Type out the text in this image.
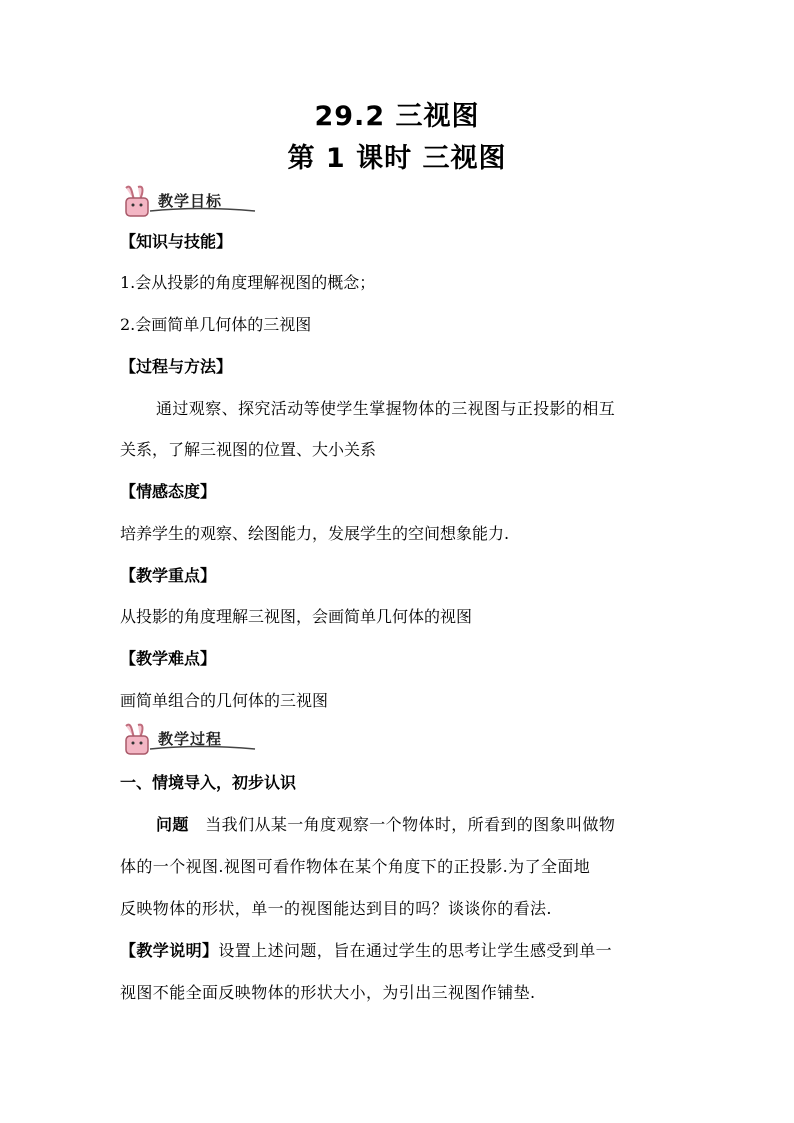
29.2 三视图
第 1 课时 三视图
教学目标
【知识与技能】
1.会从投影的角度理解视图的概念；
2.会画简单几何体的三视图
【过程与方法】
通过观察、探究活动等使学生掌握物体的三视图与正投影的相互
关系，了解三视图的位置、大小关系
【情感态度】
培养学生的观察、绘图能力，发展学生的空间想象能力.
【教学重点】
从投影的角度理解三视图，会画简单几何体的视图
【教学难点】
画简单组合的几何体的三视图
教学过程
一、情境导入，初步认识
问题 当我们从某一角度观察一个物体时，所看到的图象叫做物
体的一个视图.视图可看作物体在某个角度下的正投影.为了全面地
反映物体的形状，单一的视图能达到目的吗？谈谈你的看法.
【教学说明】设置上述问题，旨在通过学生的思考让学生感受到单一
视图不能全面反映物体的形状大小，为引出三视图作铺垫.
